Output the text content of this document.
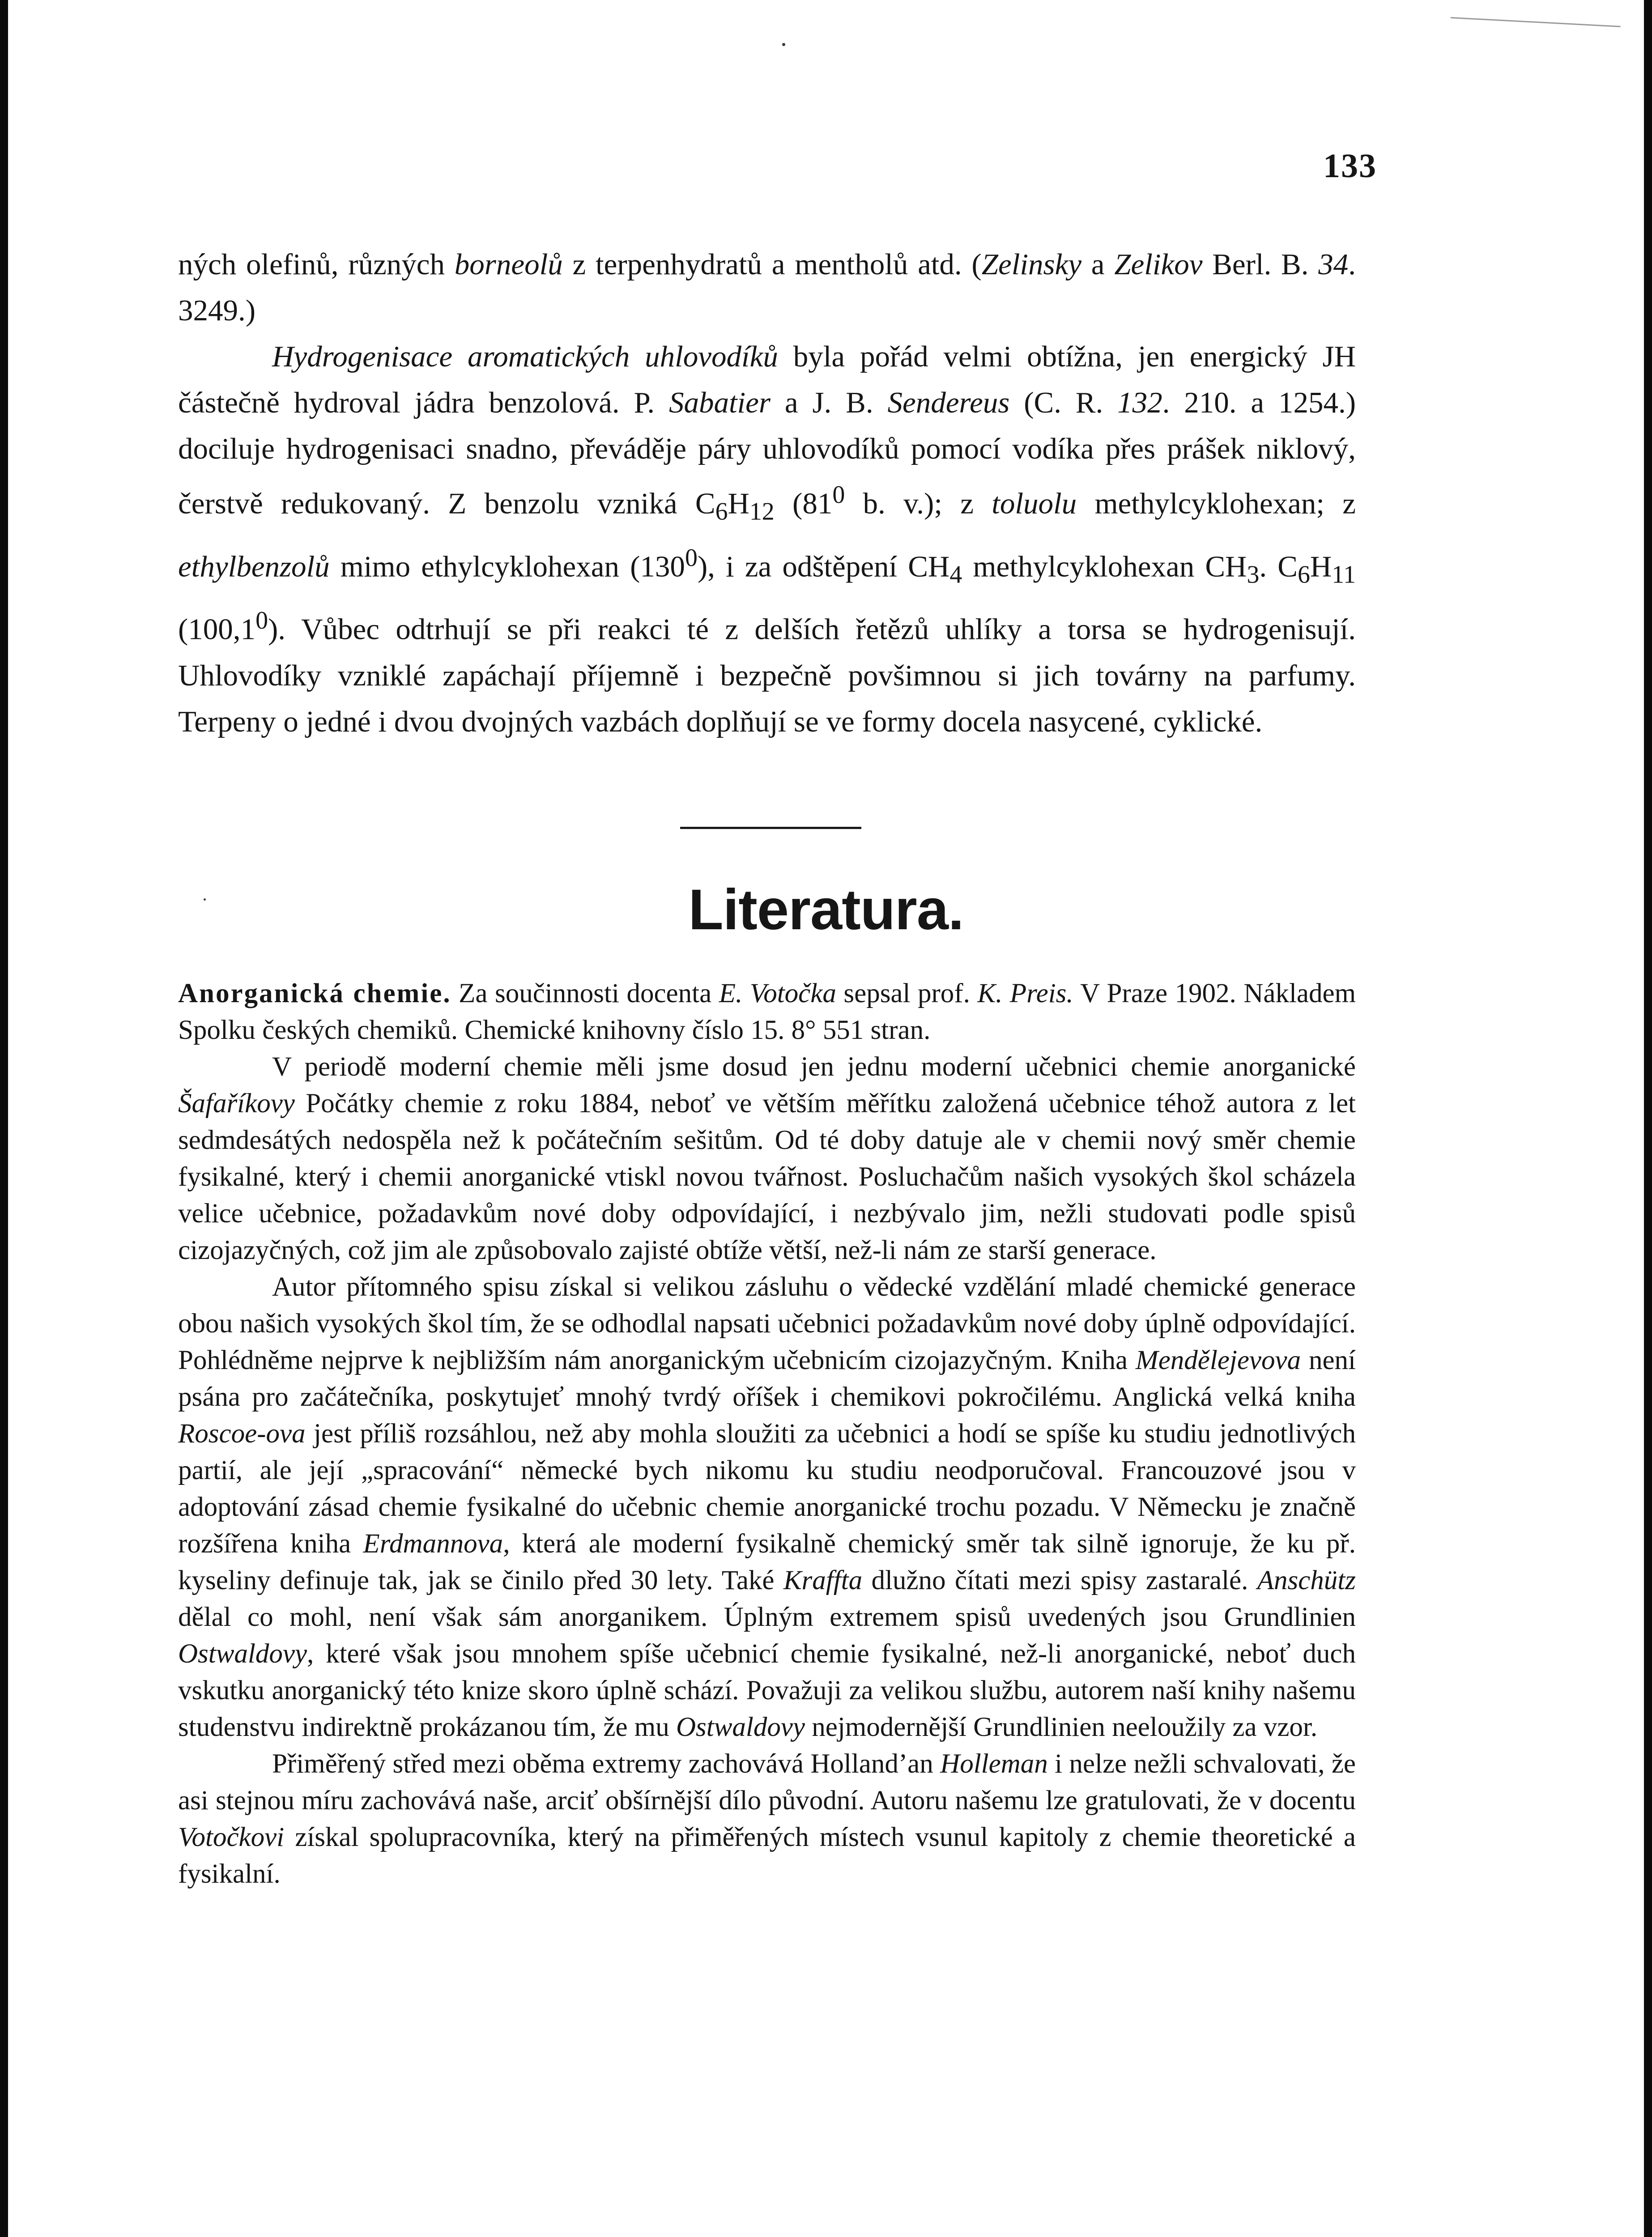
133

ných olefinů, různých borneolů z terpenhydratů a mentholů atd. (Zelinsky a Zelikov Berl. B. 34. 3249.)

Hydrogenisace aromatických uhlovodíků byla pořád velmi obtížna, jen energický JH částečně hydroval jádra benzolová. P. Sabatier a J. B. Sendereus (C. R. 132. 210. a 1254.) dociluje hydrogenisaci snadno, převáděje páry uhlovodíků pomocí vodíka přes prášek niklový, čerstvě redukovaný. Z benzolu vzniká $C_6H_{12}$ ($81^0$ b. v.); z toluolu methylcyklohexan; z ethylbenzolů mimo ethylcyklohexan $(130^0)$, i za odštěpení $CH_4$ methylcyklohexan $CH_3$. $C_6H_{11}$ (100,1$^0$). Vůbec odtrhují se při reakci té z delších řetězů uhlíky a torsa se hydrogenisují. Uhlovodíky vzniklé zapáchají příjemně i bezpečně povšimnou si jich továrny na parfumy. Terpeny o jedné i dvou dvojných vazbách doplňují se ve formy docela nasycené, cyklické.

Literatura.

Anorganická chemie. Za součinnosti docenta E. Votočka sepsal prof. K. Preis. V Praze 1902. Nákladem Spolku českých chemiků. Chemické knihovny číslo 15. 8° 551 stran.

V periodě moderní chemie měli jsme dosud jen jednu moderní učebnici chemie anorganické Šafaříkovy Počátky chemie z roku 1884, neboť ve větším měřítku založená učebnice téhož autora z let sedmdesátých nedospěla než k počátečním sešitům. Od té doby datuje ale v chemii nový směr chemie fysikalné, který i chemii anorganické vtiskl novou tvářnost. Posluchačům našich vysokých škol scházela velice učebnice, požadavkům nové doby odpovídající, i nezbývalo jim, nežli studovati podle spisů cizojazyčných, což jim ale způsobovalo zajisté obtíže větší, než-li nám ze starší generace.

Autor přítomného spisu získal si velikou zásluhu o vědecké vzdělání mladé chemické generace obou našich vysokých škol tím, že se odhodlal napsati učebnici požadavkům nové doby úplně odpovídající. Pohlédněme nejprve k nejbližším nám anorganickým učebnicím cizojazyčným. Kniha Mendělejevova není psána pro začátečníka, poskytujeť mnohý tvrdý oříšek i chemikovi pokročilému. Anglická velká kniha Roscoe-ova jest příliš rozsáhlou, než aby mohla sloužiti za učebnici a hodí se spíše ku studiu jednotlivých partií, ale její „spracování“ německé bych nikomu ku studiu neodporučoval. Francouzové jsou v adoptování zásad chemie fysikalné do učebnic chemie anorganické trochu pozadu. V Německu je značně rozšířena kniha Erdmannova, která ale moderní fysikalně chemický směr tak silně ignoruje, že ku př. kyseliny definuje tak, jak se činilo před 30 lety. Také Kraffta dlužno čítati mezi spisy zastaralé. Anschütz dělal co mohl, není však sám anorganikem. Úplným extremem spisů uvedených jsou Grundlinien Ostwaldovy, které však jsou mnohem spíše učebnicí chemie fysikalné, než-li anorganické, neboť duch vskutku anorganický této knize skoro úplně schází. Považuji za velikou službu, autorem naší knihy našemu studenstvu indirektně prokázanou tím, že mu Ostwaldovy nejmodernější Grundlinien neeloužily za vzor.

Přiměřený střed mezi oběma extremy zachovává Holland’an Holleman i nelze nežli schvalovati, že asi stejnou míru zachovává naše, arciť obšírnější dílo původní. Autoru našemu lze gratulovati, že v docentu Votočkovi získal spolupracovníka, který na přiměřených místech vsunul kapitoly z chemie theoretické a fysikalní.
